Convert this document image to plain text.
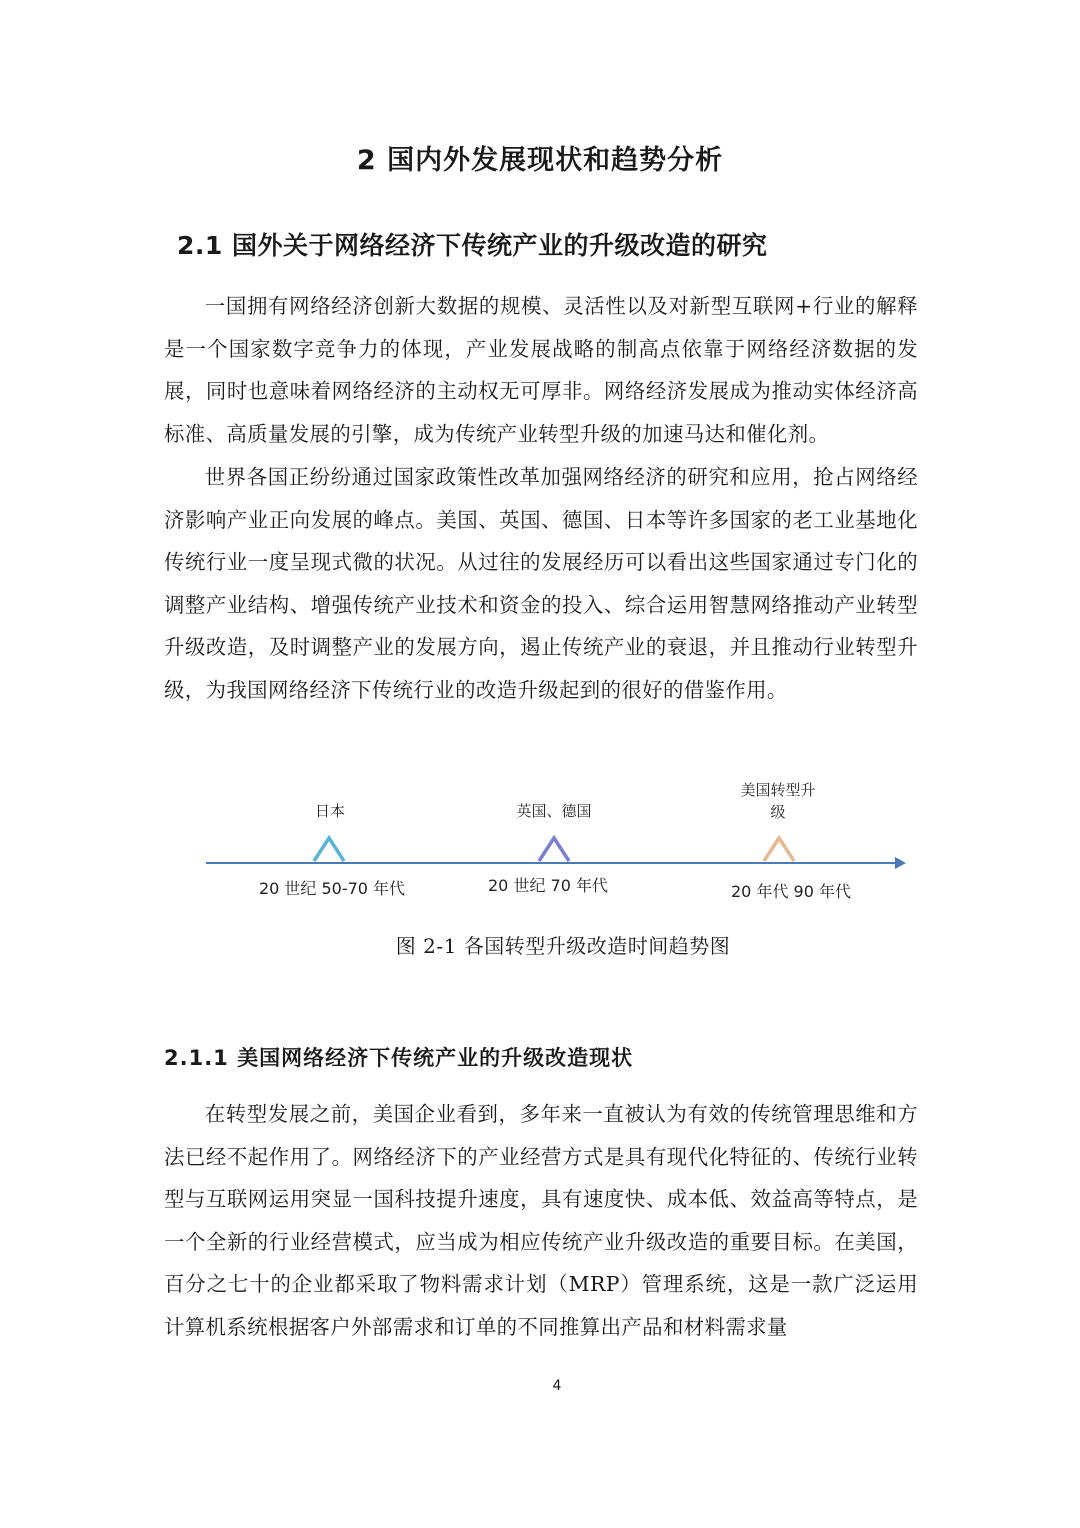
2 国内外发展现状和趋势分析
2.1 国外关于网络经济下传统产业的升级改造的研究

一国拥有网络经济创新大数据的规模、灵活性以及对新型互联网+行业的解释是一个国家数字竞争力的体现，产业发展战略的制高点依靠于网络经济数据的发展，同时也意味着网络经济的主动权无可厚非。网络经济发展成为推动实体经济高标准、高质量发展的引擎，成为传统产业转型升级的加速马达和催化剂。

世界各国正纷纷通过国家政策性改革加强网络经济的研究和应用，抢占网络经济影响产业正向发展的峰点。美国、英国、德国、日本等许多国家的老工业基地化传统行业一度呈现式微的状况。从过往的发展经历可以看出这些国家通过专门化的调整产业结构、增强传统产业技术和资金的投入、综合运用智慧网络推动产业转型升级改造，及时调整产业的发展方向，遏止传统产业的衰退，并且推动行业转型升级，为我国网络经济下传统行业的改造升级起到的很好的借鉴作用。

日本	英国、德国
美国转型升
级
20 世纪 50-70 年代	20 世纪 70 年代	20 年代 90 年代
图 2-1 各国转型升级改造时间趋势图
2.1.1 美国网络经济下传统产业的升级改造现状

在转型发展之前，美国企业看到，多年来一直被认为有效的传统管理思维和方法已经不起作用了。网络经济下的产业经营方式是具有现代化特征的、传统行业转型与互联网运用突显一国科技提升速度，具有速度快、成本低、效益高等特点，是一个全新的行业经营模式，应当成为相应传统产业升级改造的重要目标。在美国，百分之七十的企业都采取了物料需求计划（MRP）管理系统，这是一款广泛运用计算机系统根据客户外部需求和订单的不同推算出产品和材料需求量

4
